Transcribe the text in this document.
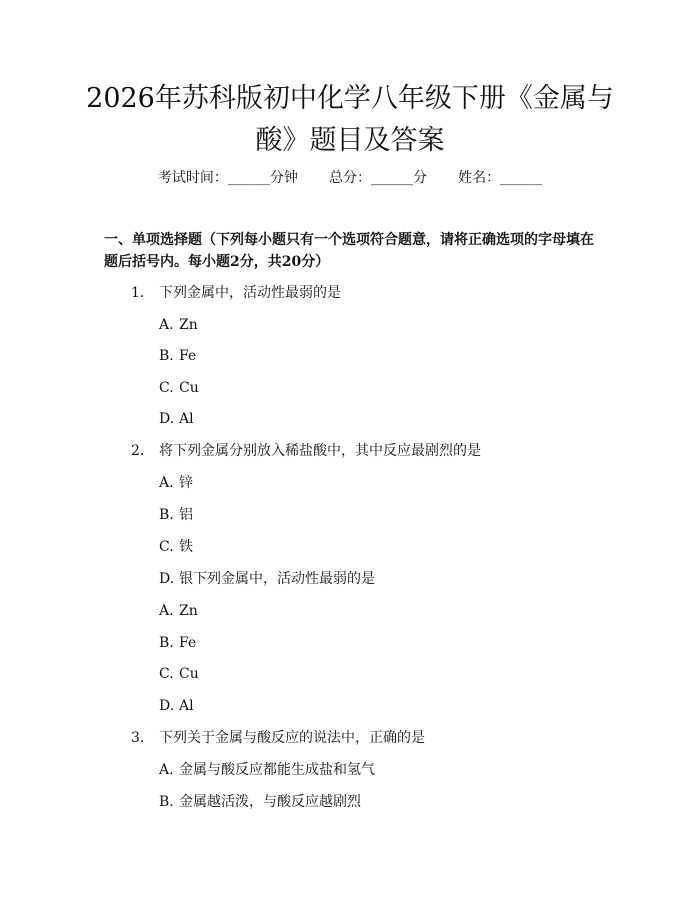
2026年苏科版初中化学八年级下册《金属与
酸》题目及答案
考试时间：______分钟 总分：______分 姓名：______
一、单项选择题（下列每小题只有一个选项符合题意，请将正确选项的字母填在题后括号内。每小题2分，共20分）
1. 下列金属中，活动性最弱的是
A. Zn
B. Fe
C. Cu
D. Al
2. 将下列金属分别放入稀盐酸中，其中反应最剧烈的是
A. 锌
B. 铝
C. 铁
D. 银下列金属中，活动性最弱的是
A. Zn
B. Fe
C. Cu
D. Al
3. 下列关于金属与酸反应的说法中，正确的是
A. 金属与酸反应都能生成盐和氢气
B. 金属越活泼，与酸反应越剧烈
